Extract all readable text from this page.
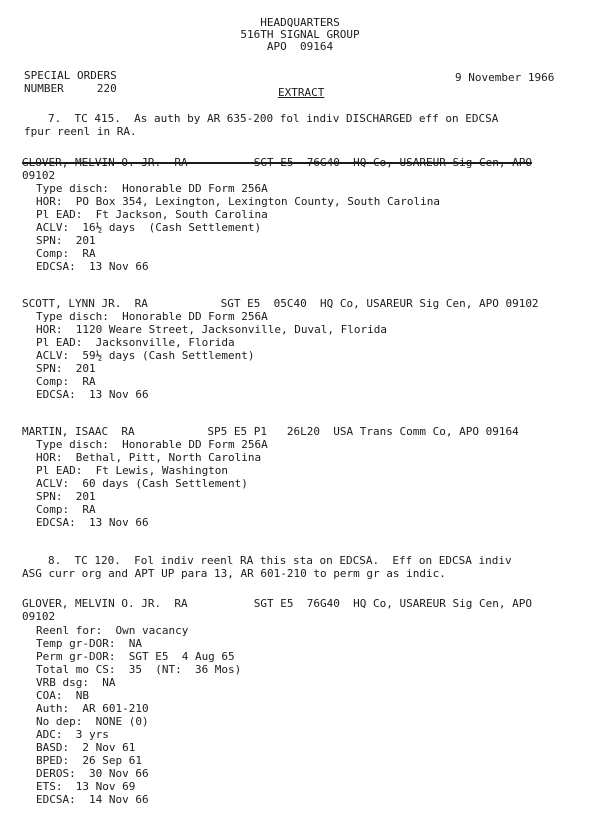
HEADQUARTERS
516TH SIGNAL GROUP
APO  09164
SPECIAL ORDERS
NUMBER     220
9 November 1966
EXTRACT
7.  TC 415.  As auth by AR 635-200 fol indiv DISCHARGED eff on EDCSA
fpur reenl in RA.
GLOVER, MELVIN O. JR.  RA          SGT E5  76G40  HQ Co, USAREUR Sig Cen, APO
09102
Type disch:  Honorable DD Form 256A
HOR:  PO Box 354, Lexington, Lexington County, South Carolina
Pl EAD:  Ft Jackson, South Carolina
ACLV:  16½ days  (Cash Settlement)
SPN:  201
Comp:  RA
EDCSA:  13 Nov 66
SCOTT, LYNN JR.  RA           SGT E5  05C40  HQ Co, USAREUR Sig Cen, APO 09102
Type disch:  Honorable DD Form 256A
HOR:  1120 Weare Street, Jacksonville, Duval, Florida
Pl EAD:  Jacksonville, Florida
ACLV:  59½ days (Cash Settlement)
SPN:  201
Comp:  RA
EDCSA:  13 Nov 66
MARTIN, ISAAC  RA           SP5 E5 P1   26L20  USA Trans Comm Co, APO 09164
Type disch:  Honorable DD Form 256A
HOR:  Bethal, Pitt, North Carolina
Pl EAD:  Ft Lewis, Washington
ACLV:  60 days (Cash Settlement)
SPN:  201
Comp:  RA
EDCSA:  13 Nov 66
8.  TC 120.  Fol indiv reenl RA this sta on EDCSA.  Eff on EDCSA indiv
ASG curr org and APT UP para 13, AR 601-210 to perm gr as indic.
GLOVER, MELVIN O. JR.  RA          SGT E5  76G40  HQ Co, USAREUR Sig Cen, APO
09102
Reenl for:  Own vacancy
Temp gr-DOR:  NA
Perm gr-DOR:  SGT E5  4 Aug 65
Total mo CS:  35  (NT:  36 Mos)
VRB dsg:  NA
COA:  NB
Auth:  AR 601-210
No dep:  NONE (0)
ADC:  3 yrs
BASD:  2 Nov 61
BPED:  26 Sep 61
DEROS:  30 Nov 66
ETS:  13 Nov 69
EDCSA:  14 Nov 66
